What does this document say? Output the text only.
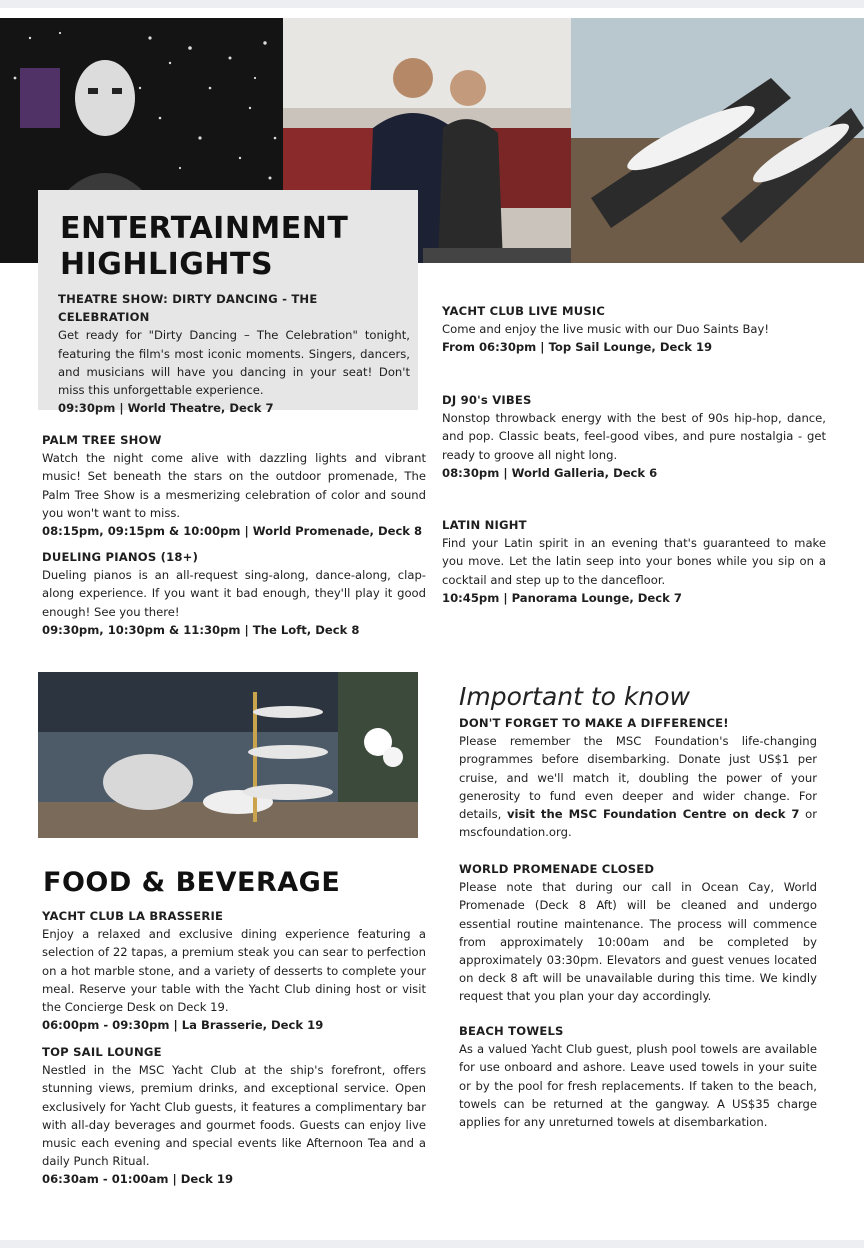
ENTERTAINMENT
HIGHLIGHTS
THEATRE SHOW: DIRTY DANCING - THE CELEBRATION
Get ready for "Dirty Dancing – The Celebration" tonight, featuring the film's most iconic moments. Singers, dancers, and musicians will have you dancing in your seat! Don't miss this unforgettable experience.
09:30pm | World Theatre, Deck 7
PALM TREE SHOW
Watch the night come alive with dazzling lights and vibrant music! Set beneath the stars on the outdoor promenade, The Palm Tree Show is a mesmerizing celebration of color and sound you won't want to miss.
08:15pm, 09:15pm & 10:00pm | World Promenade, Deck 8
DUELING PIANOS (18+)
Dueling pianos is an all-request sing-along, dance-along, clap-along experience. If you want it bad enough, they'll play it good enough! See you there!
09:30pm, 10:30pm & 11:30pm | The Loft, Deck 8
YACHT CLUB LIVE MUSIC
Come and enjoy the live music with our Duo Saints Bay!
From 06:30pm | Top Sail Lounge, Deck 19
DJ 90's VIBES
Nonstop throwback energy with the best of 90s hip-hop, dance, and pop. Classic beats, feel-good vibes, and pure nostalgia - get ready to groove all night long.
08:30pm | World Galleria, Deck 6
LATIN NIGHT
Find your Latin spirit in an evening that's guaranteed to make you move. Let the latin seep into your bones while you sip on a cocktail and step up to the dancefloor.
10:45pm | Panorama Lounge, Deck 7
FOOD & BEVERAGE
YACHT CLUB LA BRASSERIE
Enjoy a relaxed and exclusive dining experience featuring a selection of 22 tapas, a premium steak you can sear to perfection on a hot marble stone, and a variety of desserts to complete your meal. Reserve your table with the Yacht Club dining host or visit the Concierge Desk on Deck 19.
06:00pm - 09:30pm | La Brasserie, Deck 19
TOP SAIL LOUNGE
Nestled in the MSC Yacht Club at the ship's forefront, offers stunning views, premium drinks, and exceptional service. Open exclusively for Yacht Club guests, it features a complimentary bar with all-day beverages and gourmet foods. Guests can enjoy live music each evening and special events like Afternoon Tea and a daily Punch Ritual.
06:30am - 01:00am | Deck 19
Important to know
DON'T FORGET TO MAKE A DIFFERENCE!
Please remember the MSC Foundation's life-changing programmes before disembarking. Donate just US$1 per cruise, and we'll match it, doubling the power of your generosity to fund even deeper and wider change. For details, visit the MSC Foundation Centre on deck 7 or mscfoundation.org.
WORLD PROMENADE CLOSED
Please note that during our call in Ocean Cay, World Promenade (Deck 8 Aft) will be cleaned and undergo essential routine maintenance. The process will commence from approximately 10:00am and be completed by approximately 03:30pm. Elevators and guest venues located on deck 8 aft will be unavailable during this time. We kindly request that you plan your day accordingly.
BEACH TOWELS
As a valued Yacht Club guest, plush pool towels are available for use onboard and ashore. Leave used towels in your suite or by the pool for fresh replacements. If taken to the beach, towels can be returned at the gangway. A US$35 charge applies for any unreturned towels at disembarkation.
